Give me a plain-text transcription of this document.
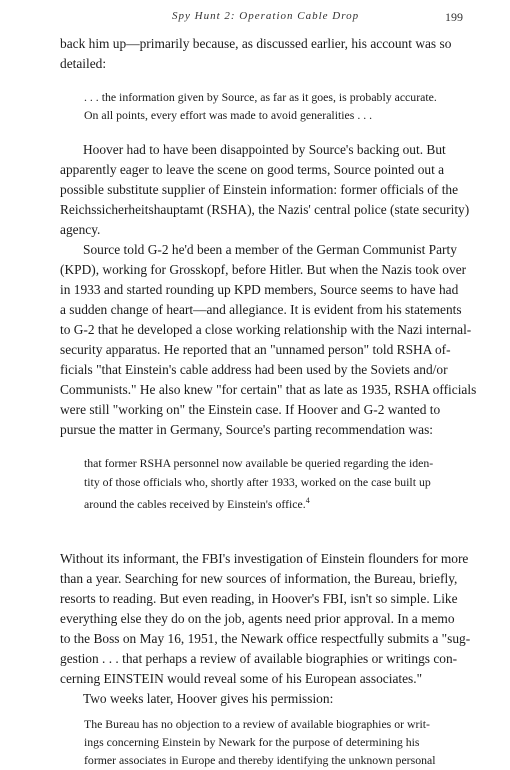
Spy Hunt 2: Operation Cable Drop	199
back him up—primarily because, as discussed earlier, his account was so
detailed:
. . . the information given by Source, as far as it goes, is probably accurate.
On all points, every effort was made to avoid generalities . . .
Hoover had to have been disappointed by Source's backing out. But
apparently eager to leave the scene on good terms, Source pointed out a
possible substitute supplier of Einstein information: former officials of the
Reichssicherheitshauptamt (RSHA), the Nazis' central police (state security)
agency.
Source told G-2 he'd been a member of the German Communist Party
(KPD), working for Grosskopf, before Hitler. But when the Nazis took over
in 1933 and started rounding up KPD members, Source seems to have had
a sudden change of heart—and allegiance. It is evident from his statements
to G-2 that he developed a close working relationship with the Nazi internal-
security apparatus. He reported that an "unnamed person" told RSHA of-
ficials "that Einstein's cable address had been used by the Soviets and/or
Communists." He also knew "for certain" that as late as 1935, RSHA officials
were still "working on" the Einstein case. If Hoover and G-2 wanted to
pursue the matter in Germany, Source's parting recommendation was:
that former RSHA personnel now available be queried regarding the iden-
tity of those officials who, shortly after 1933, worked on the case built up
around the cables received by Einstein's office.$^4$
Without its informant, the FBI's investigation of Einstein flounders for more
than a year. Searching for new sources of information, the Bureau, briefly,
resorts to reading. But even reading, in Hoover's FBI, isn't so simple. Like
everything else they do on the job, agents need prior approval. In a memo
to the Boss on May 16, 1951, the Newark office respectfully submits a "sug-
gestion . . . that perhaps a review of available biographies or writings con-
cerning EINSTEIN would reveal some of his European associates."
Two weeks later, Hoover gives his permission:
The Bureau has no objection to a review of available biographies or writ-
ings concerning Einstein by Newark for the purpose of determining his
former associates in Europe and thereby identifying the unknown personal
